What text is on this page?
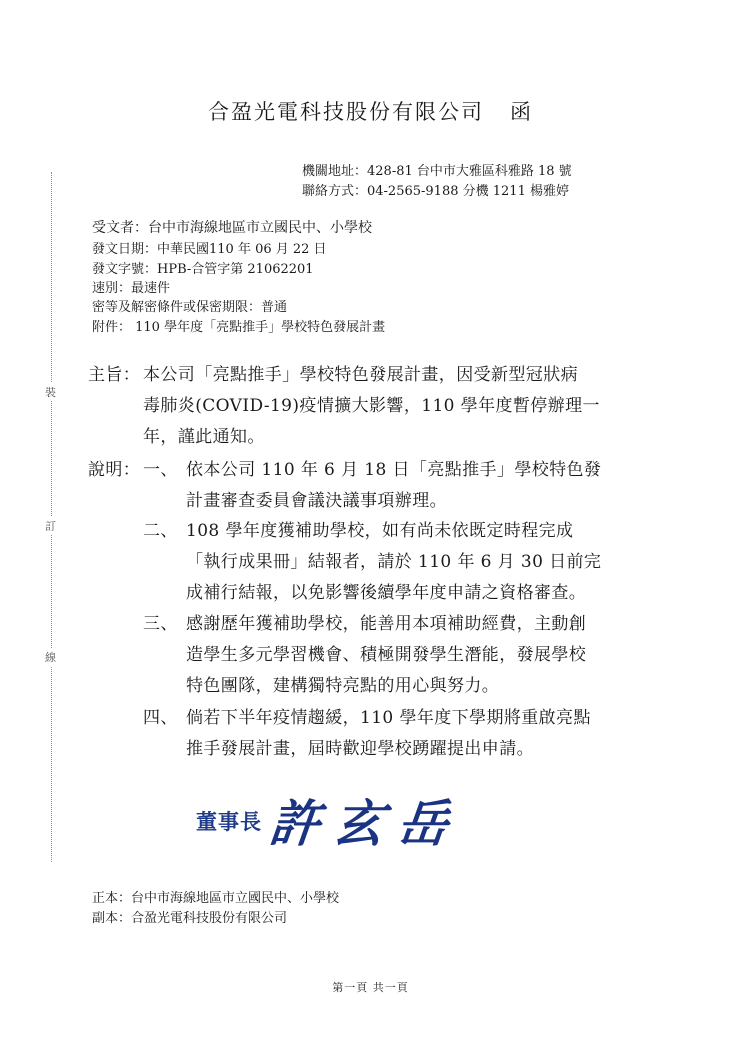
裝
訂
線
合盈光電科技股份有限公司 函
機關地址：428-81 台中市大雅區科雅路 18 號
聯絡方式：04-2565-9188 分機 1211 楊雅婷
受文者：台中市海線地區市立國民中、小學校
發文日期：中華民國110 年 06 月 22 日
發文字號：HPB-合管字第 21062201
速別：最速件
密等及解密條件或保密期限：普通
附件： 110 學年度「亮點推手」學校特色發展計畫
主旨： 本公司「亮點推手」學校特色發展計畫，因受新型冠狀病
毒肺炎(COVID-19)疫情擴大影響，110 學年度暫停辦理一
年，謹此通知。
說明： 一、 依本公司 110 年 6 月 18 日「亮點推手」學校特色發
計畫審查委員會議決議事項辦理。
二、 108 學年度獲補助學校，如有尚未依既定時程完成
「執行成果冊」結報者，請於 110 年 6 月 30 日前完
成補行結報，以免影響後續學年度申請之資格審查。
三、 感謝歷年獲補助學校，能善用本項補助經費，主動創
造學生多元學習機會、積極開發學生潛能，發展學校
特色團隊，建構獨特亮點的用心與努力。
四、 倘若下半年疫情趨緩，110 學年度下學期將重啟亮點
推手發展計畫，屆時歡迎學校踴躍提出申請。
董事長 許玄岳
正本：台中市海線地區市立國民中、小學校
副本：合盈光電科技股份有限公司
第一頁 共一頁
